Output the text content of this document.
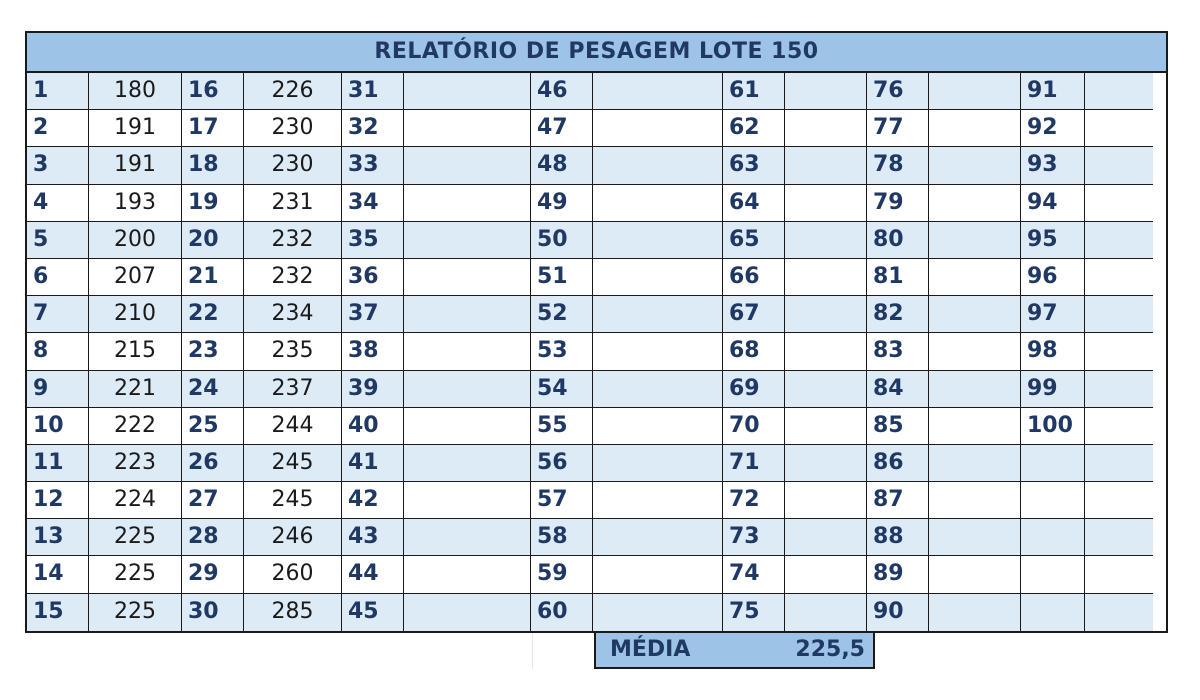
RELATÓRIO DE PESAGEM LOTE 150
1	180	16	226	31	46	61	76	91
2	191	17	230	32	47	62	77	92
3	191	18	230	33	48	63	78	93
4	193	19	231	34	49	64	79	94
5	200	20	232	35	50	65	80	95
6	207	21	232	36	51	66	81	96
7	210	22	234	37	52	67	82	97
8	215	23	235	38	53	68	83	98
9	221	24	237	39	54	69	84	99
10	222	25	244	40	55	70	85	100
11	223	26	245	41	56	71	86
12	224	27	245	42	57	72	87
13	225	28	246	43	58	73	88
14	225	29	260	44	59	74	89
15	225	30	285	45	60	75	90
MÉDIA	225,5
